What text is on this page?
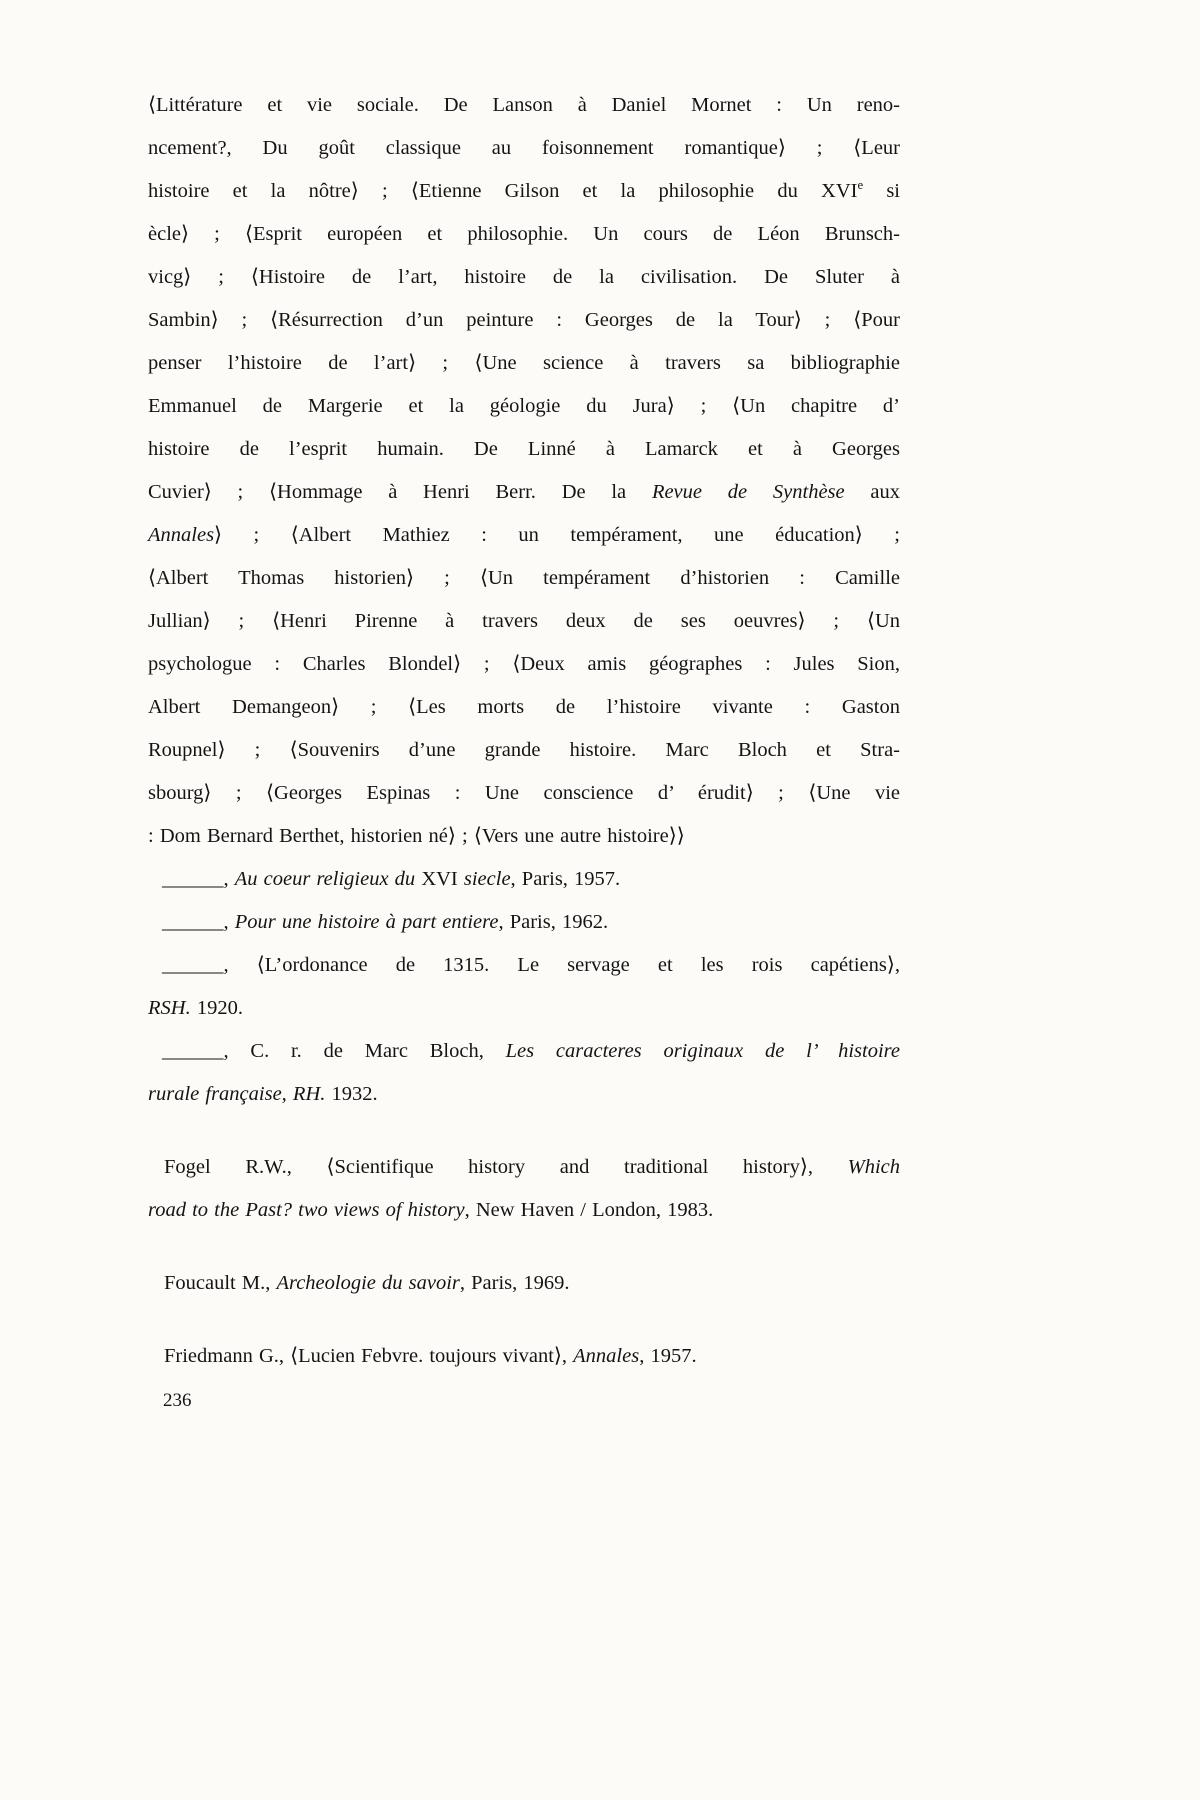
⟨Littérature et vie sociale. De Lanson à Daniel Mornet : Un reno-
ncement?, Du goût classique au foisonnement romantique⟩ ; ⟨Leur
histoire et la nôtre⟩ ; ⟨Etienne Gilson et la philosophie du XVIe si
ècle⟩ ; ⟨Esprit européen et philosophie. Un cours de Léon Brunsch-
vicg⟩ ; ⟨Histoire de l’art, histoire de la civilisation. De Sluter à
Sambin⟩ ; ⟨Résurrection d’un peinture : Georges de la Tour⟩ ; ⟨Pour
penser l’histoire de l’art⟩ ; ⟨Une science à travers sa bibliographie
Emmanuel de Margerie et la géologie du Jura⟩ ; ⟨Un chapitre d’
histoire de l’esprit humain. De Linné à Lamarck et à Georges
Cuvier⟩ ; ⟨Hommage à Henri Berr. De la Revue de Synthèse aux
Annales⟩ ; ⟨Albert Mathiez : un tempérament, une éducation⟩ ;
⟨Albert Thomas historien⟩ ; ⟨Un tempérament d’historien : Camille
Jullian⟩ ; ⟨Henri Pirenne à travers deux de ses oeuvres⟩ ; ⟨Un
psychologue : Charles Blondel⟩ ; ⟨Deux amis géographes : Jules Sion,
Albert Demangeon⟩ ; ⟨Les morts de l’histoire vivante : Gaston
Roupnel⟩ ; ⟨Souvenirs d’une grande histoire. Marc Bloch et Stra-
sbourg⟩ ; ⟨Georges Espinas : Une conscience d’ érudit⟩ ; ⟨Une vie
: Dom Bernard Berthet, historien né⟩ ; ⟨Vers une autre histoire⟩⟩
______, Au coeur religieux du XVI siecle, Paris, 1957.
______, Pour une histoire à part entiere, Paris, 1962.
______, ⟨L’ordonance de 1315. Le servage et les rois capétiens⟩,
RSH. 1920.
______, C. r. de Marc Bloch, Les caracteres originaux de l’ histoire
rurale française, RH. 1932.
Fogel R.W., ⟨Scientifique history and traditional history⟩, Which
road to the Past? two views of history, New Haven / London, 1983.
Foucault M., Archeologie du savoir, Paris, 1969.
Friedmann G., ⟨Lucien Febvre. toujours vivant⟩, Annales, 1957.
236
